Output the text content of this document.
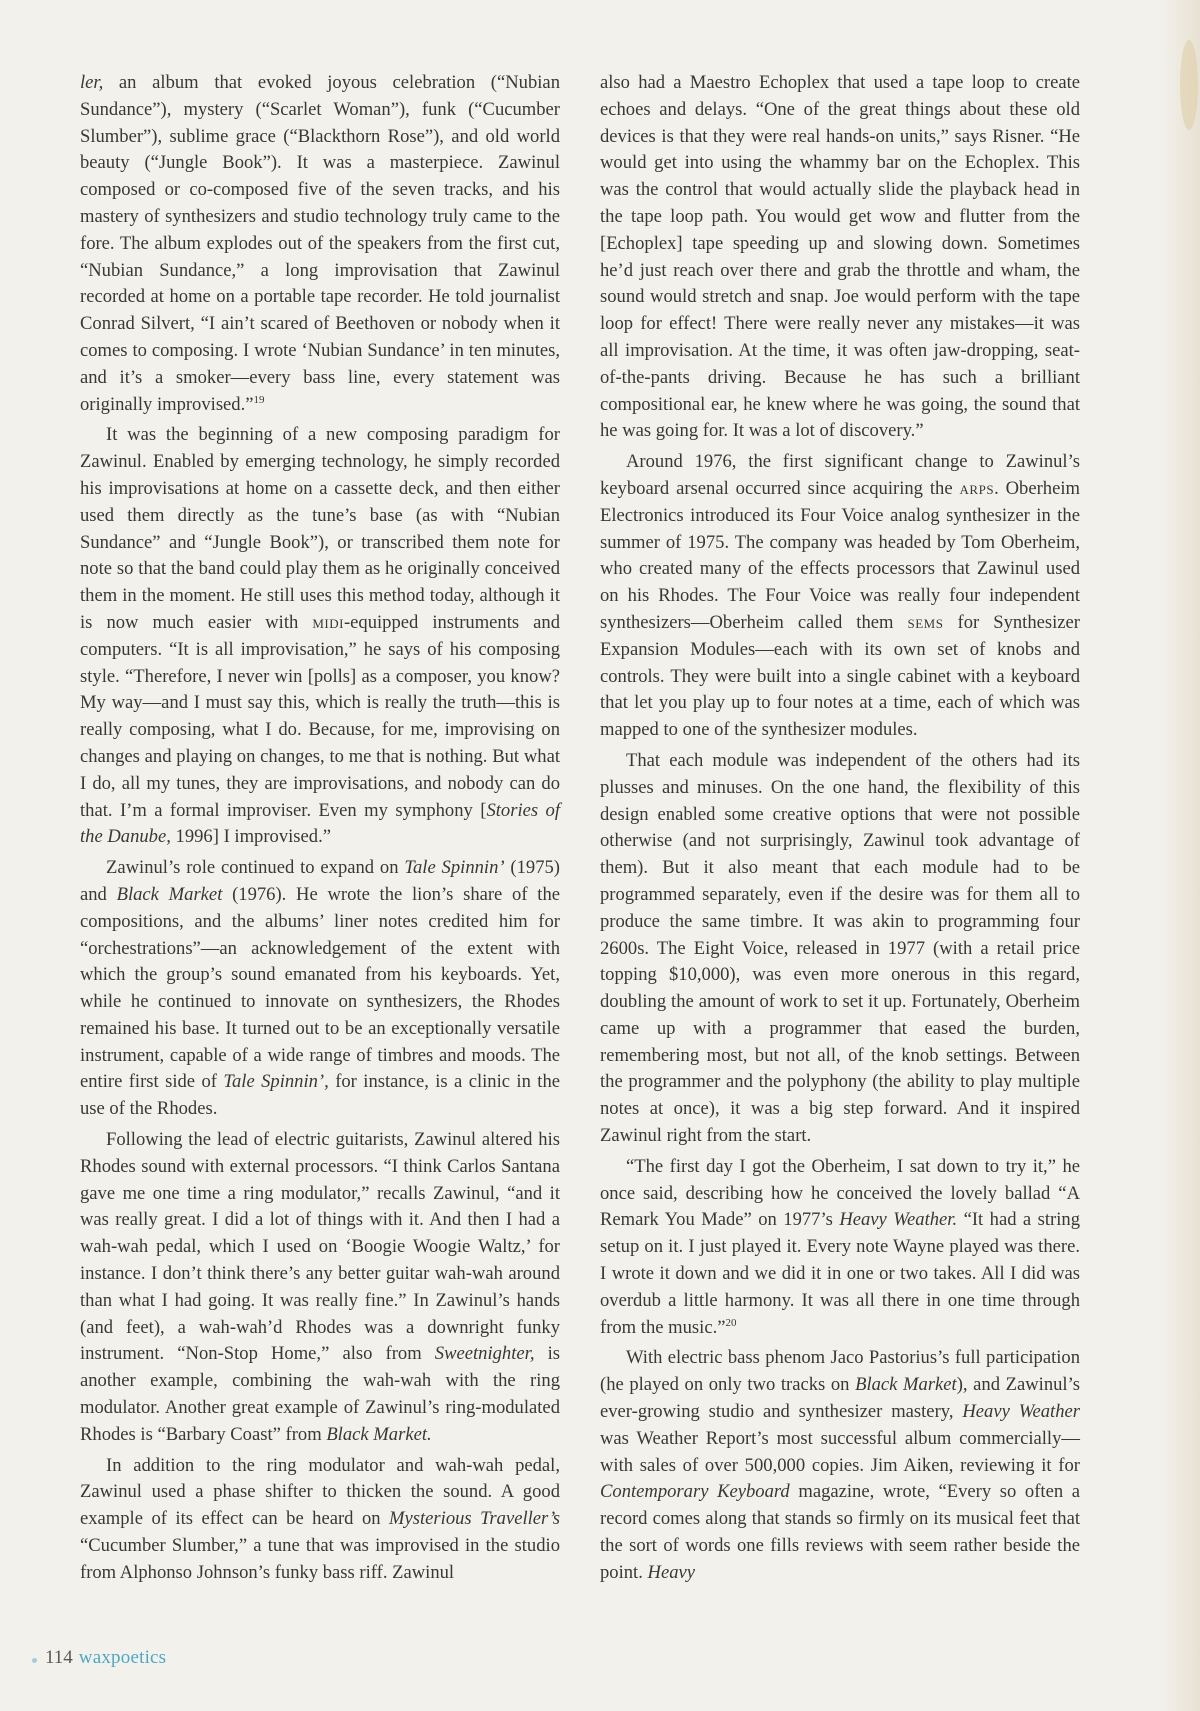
ler, an album that evoked joyous celebration (“Nubian Sundance”), mystery (“Scarlet Woman”), funk (“Cucumber Slumber”), sublime grace (“Blackthorn Rose”), and old world beauty (“Jungle Book”). It was a masterpiece. Zawinul composed or co-composed five of the seven tracks, and his mastery of synthesizers and studio technology truly came to the fore. The album explodes out of the speakers from the first cut, “Nubian Sundance,” a long improvisation that Zawinul recorded at home on a portable tape recorder. He told journalist Conrad Silvert, “I ain’t scared of Beethoven or nobody when it comes to composing. I wrote ‘Nubian Sundance’ in ten minutes, and it’s a smoker—every bass line, every statement was originally improvised.”$^{19}$

It was the beginning of a new composing paradigm for Zawinul. Enabled by emerging technology, he simply recorded his improvisations at home on a cassette deck, and then either used them directly as the tune’s base (as with “Nubian Sundance” and “Jungle Book”), or transcribed them note for note so that the band could play them as he originally conceived them in the moment. He still uses this method today, although it is now much easier with midi-equipped instruments and computers. “It is all improvisation,” he says of his composing style. “Therefore, I never win [polls] as a composer, you know? My way—and I must say this, which is really the truth—this is really composing, what I do. Because, for me, improvising on changes and playing on changes, to me that is nothing. But what I do, all my tunes, they are improvisations, and nobody can do that. I’m a formal improviser. Even my symphony [Stories of the Danube, 1996] I improvised.”

Zawinul’s role continued to expand on Tale Spinnin’ (1975) and Black Market (1976). He wrote the lion’s share of the compositions, and the albums’ liner notes credited him for “orchestrations”—an acknowledgement of the extent with which the group’s sound emanated from his keyboards. Yet, while he continued to innovate on synthesizers, the Rhodes remained his base. It turned out to be an exceptionally versatile instrument, capable of a wide range of timbres and moods. The entire first side of Tale Spinnin’, for instance, is a clinic in the use of the Rhodes.

Following the lead of electric guitarists, Zawinul altered his Rhodes sound with external processors. “I think Carlos Santana gave me one time a ring modulator,” recalls Zawinul, “and it was really great. I did a lot of things with it. And then I had a wah-wah pedal, which I used on ‘Boogie Woogie Waltz,’ for instance. I don’t think there’s any better guitar wah-wah around than what I had going. It was really fine.” In Zawinul’s hands (and feet), a wah-wah’d Rhodes was a downright funky instrument. “Non-Stop Home,” also from Sweetnighter, is another example, combining the wah-wah with the ring modulator. Another great example of Zawinul’s ring-modulated Rhodes is “Barbary Coast” from Black Market.

In addition to the ring modulator and wah-wah pedal, Zawinul used a phase shifter to thicken the sound. A good example of its effect can be heard on Mysterious Traveller’s “Cucumber Slumber,” a tune that was improvised in the studio from Alphonso Johnson’s funky bass riff. Zawinul

also had a Maestro Echoplex that used a tape loop to create echoes and delays. “One of the great things about these old devices is that they were real hands-on units,” says Risner. “He would get into using the whammy bar on the Echoplex. This was the control that would actually slide the playback head in the tape loop path. You would get wow and flutter from the [Echoplex] tape speeding up and slowing down. Sometimes he’d just reach over there and grab the throttle and wham, the sound would stretch and snap. Joe would perform with the tape loop for effect! There were really never any mistakes—it was all improvisation. At the time, it was often jaw-dropping, seat-of-the-pants driving. Because he has such a brilliant compositional ear, he knew where he was going, the sound that he was going for. It was a lot of discovery.”

Around 1976, the first significant change to Zawinul’s keyboard arsenal occurred since acquiring the arps. Oberheim Electronics introduced its Four Voice analog synthesizer in the summer of 1975. The company was headed by Tom Oberheim, who created many of the effects processors that Zawinul used on his Rhodes. The Four Voice was really four independent synthesizers—Oberheim called them sems for Synthesizer Expansion Modules—each with its own set of knobs and controls. They were built into a single cabinet with a keyboard that let you play up to four notes at a time, each of which was mapped to one of the synthesizer modules.

That each module was independent of the others had its plusses and minuses. On the one hand, the flexibility of this design enabled some creative options that were not possible otherwise (and not surprisingly, Zawinul took advantage of them). But it also meant that each module had to be programmed separately, even if the desire was for them all to produce the same timbre. It was akin to programming four 2600s. The Eight Voice, released in 1977 (with a retail price topping $10,000), was even more onerous in this regard, doubling the amount of work to set it up. Fortunately, Oberheim came up with a programmer that eased the burden, remembering most, but not all, of the knob settings. Between the programmer and the polyphony (the ability to play multiple notes at once), it was a big step forward. And it inspired Zawinul right from the start.

“The first day I got the Oberheim, I sat down to try it,” he once said, describing how he conceived the lovely ballad “A Remark You Made” on 1977’s Heavy Weather. “It had a string setup on it. I just played it. Every note Wayne played was there. I wrote it down and we did it in one or two takes. All I did was overdub a little harmony. It was all there in one time through from the music.”$^{20}$

With electric bass phenom Jaco Pastorius’s full participation (he played on only two tracks on Black Market), and Zawinul’s ever-growing studio and synthesizer mastery, Heavy Weather was Weather Report’s most successful album commercially—with sales of over 500,000 copies. Jim Aiken, reviewing it for Contemporary Keyboard magazine, wrote, “Every so often a record comes along that stands so firmly on its musical feet that the sort of words one fills reviews with seem rather beside the point. Heavy

114 waxpoetics
